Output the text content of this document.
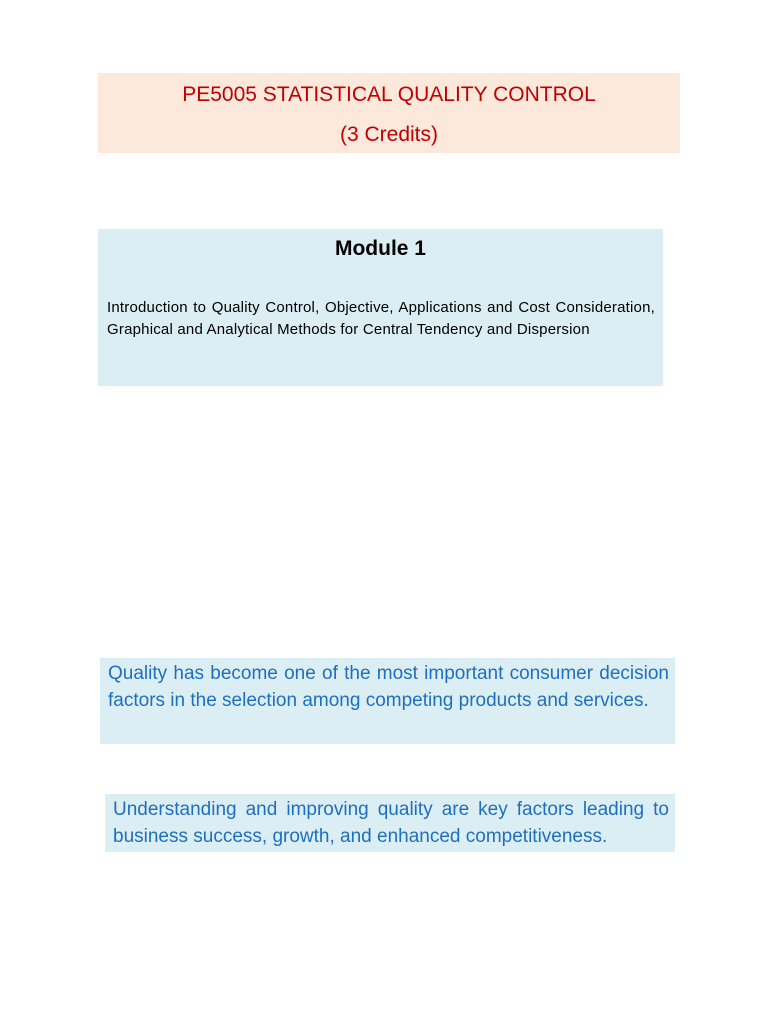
PE5005 STATISTICAL QUALITY CONTROL
(3 Credits)
Module 1
Introduction to Quality Control, Objective, Applications and Cost Consideration, Graphical and Analytical Methods for Central Tendency and Dispersion
Quality has become one of the most important consumer decision factors in the selection among competing products and services.
Understanding and improving quality are key factors leading to business success, growth, and enhanced competitiveness.
